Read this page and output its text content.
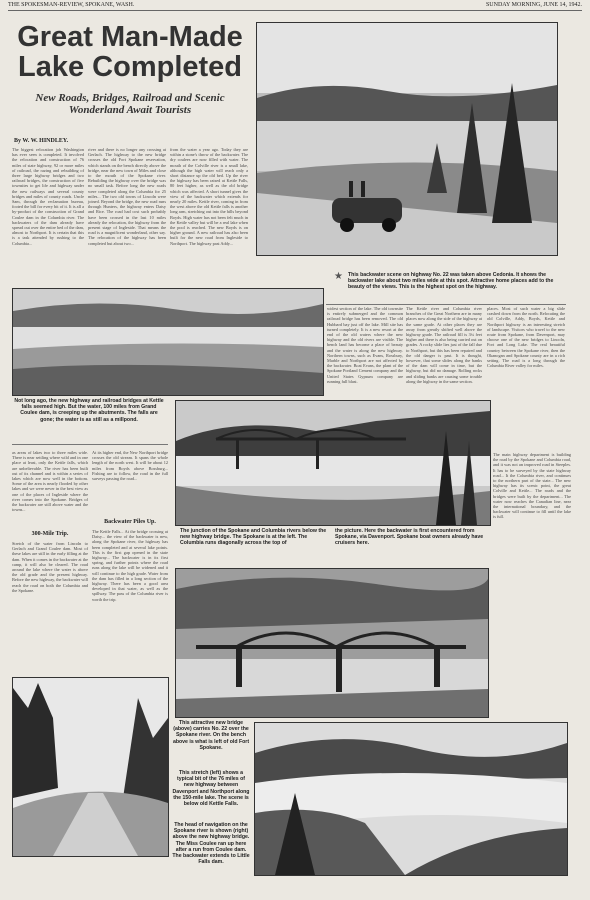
THE SPOKESMAN-REVIEW, SPOKANE, WASH.	SUNDAY MORNING, JUNE 14, 1942.
Great Man-Made Lake Completed
New Roads, Bridges, Railroad and Scenic Wonderland Await Tourists
By W. W. HINDLEY.
The biggest relocation job Washington has ever seen is completed. It involved the relocation and construction of 76 miles of state highway, 92 or more miles of railroad, the razing and rebuilding of three large highway bridges and two railroad bridges, the construction of five townsites to get life and highway under the new railways and several county bridges and miles of county roads. Uncle Sam, through the reclamation bureau, footed the bill for every bit of it. It is all a by-product of the construction of Grand Coulee dam in the Columbia river. The backwaters of the dam already have spread out over the entire bed of the dam, almost to Northport. It is certain that this is a task attended by rushing to the Columbia...
river and there is no longer any crossing at Gerlach. The highway to the new bridge crosses the old Fort Spokane reservation, which stands on the bench directly above the bridge, near the new town of Miles and close to the mouth of the Spokane river. Rebuilding the highway over the bridge was no small task. Before long the new roads were completed along the Columbia for 25 miles... The two old towns of Lincoln were joined. Beyond the bridge, the new road runs through Hunters, the highway enters Daisy and Rice. The road had cost such probably have been crossed in the last 10 miles already the relocation, the highway from the present stage of Ingleside. That means the road is a magnificent wonderland, other say. The relocation of the highway has been completed but about two...
from the water a year ago. Today they are within a stone's throw of the backwater. The dry coulees are now filled with water. The mouth of the Colville river is a small lake, although the high water will reach only a short distance up the old bed. Up the river the highway has been raised at Kettle Falls, 80 feet higher, as well as the old bridge which was affected. A short tunnel gives the view of the backwater which extends for nearly 20 miles. Kettle river, coming in from the west above the old Kettle falls is another long arm, stretching out into the hills beyond Boyds. High water has not been felt much in the Kettle valley but will be a real lake when the pool is reached. The new Boyds is on higher ground. A new railroad has also been built for the new road from Ingleside to Northport. The highway past Addy...
★ This backwater scene on highway No. 22 was taken above Cedonia. It shows the backwater lake about two miles wide at this spot. Attractive home places add to the beauty of the views. This is the highest spot on the highway.
Not long ago, the new highway and railroad bridges at Kettle falls seemed high. But the water, 100 miles from Grand Coulee dam, is creeping up the abutments. The falls are gone; the water is as still as a millpond.
widest section of the lake. The old townsite is entirely submerged and the common railroad bridge has been removed. The old Hubbard bay just off the lake. Mill site has turned completely. It is a new resort at the end of the old waters where the new highway and the old rivers are visible. The bench land has become a place of beauty and the water is along the new highway. Northern towns, such as Evans, Rossbury, Marble and Northport are not affected by the backwater. Boat Evans, the plant of the Spokane Portland Cement company and the United States Gypsum company are running full blast.
The Kettle river and Columbia river branches of the Great Northern are in many places now along the side of the highway at the same grade. At other places they are away from greatly shifted well above the highway grade. The railroad fill is 3¼ feet higher and there is also being carried out on grades. A rocky slide lies just of the fall due to Northport, but this has been repaired and the old danger is past. It is thought, however, that some slides along the banks of the dam will come in time, but the highway, but did no damage. Rolling rocks and sliding banks are causing some trouble along the highway in the same section.
places. Most of such water a big slide crashed down from the north. Relocating the old Colville, Addy, Boyds, Kettle and Northport highway is an interesting stretch of landscape. Visitors who travel to the new route from Spokane, from Davenport, may choose one of the new bridges to Lincoln, Fort and Long Lake. The real beautiful country between the Spokane river, then the Okanogan and Spokane county are in a rich setting. The road is a long through the Columbia River valley for miles.
as areas of lakes two to three miles wide. There is near settling where wild and in one place at least, only the Kettle falls, which are unbelievable. The river has been built out of its channel and is within a series of lakes which are now well in the bottom. Some of the area is nearly flooded by other lakes and we were never in the best view as one of the places of Ingleside where the river comes into the Spokane. Bridges of the backwater are still above water and the towns...
300-Mile Trip.
Stretch of the water from Lincoln to Gerlach and Grand Coulee dam. Most of these lakes are still in the early filling at the dam. When it comes in the backwater at the camp, it will also be cleared. The road around the lake where the water is above the old grade and the present highway. Before the new highway, the backwater will reach the road on both the Columbia and the Spokane.
At its higher end, the New Northport bridge crosses the old stream. It spans the whole length of the north west. It will be about 12 miles from Boyds above Bossburg... Fishing are to follow, the road in the full surveys passing the road...
Backwater Piles Up.
The Kettle Falls... At the bridge crossing at Daisy... the view of the backwater is new, along the Spokane river, the highway has been completed and at several lake points. This is the first gap opened in the state highway... The backwater is in its first spring, and further points where the road runs along the lake will be widened and it will continue to the high grade. Water from the dam has filled in a long section of the highway. There has been a good area developed in that water, as well as the spillway. The pass of the Columbia river is worth the trip.
The main highway department is building the road by the Spokane and Columbia road, and it was not an improved road in Steeples. It has to be surveyed by the state highway road... It the Columbia river, and continues to the northern part of the state... The new highway has its scenic point, the great Colville and Kettle... The roads and the bridges were built by the department... The water now reaches the Canadian line, near the international boundary, and the backwater will continue to fill until the lake is full.
The junction of the Spokane and Columbia rivers below the new highway bridge. The Spokane is at the left. The Columbia runs diagonally across the top of
the picture. Here the backwater is first encountered from Spokane, via Davenport. Spokane boat owners already have cruisers here.
This attractive new bridge (above) carries No. 22 over the Spokane river. On the bench above is what is left of old Fort Spokane.
This stretch (left) shows a typical bit of the 76 miles of new highway between Davenport and Northport along the 150-mile lake. The scene is below old Kettle Falls.
The head of navigation on the Spokane river is shown (right) above the new highway bridge. The Miss Coulee ran up here after a run from Coulee dam. The backwater extends to Little Falls dam.
